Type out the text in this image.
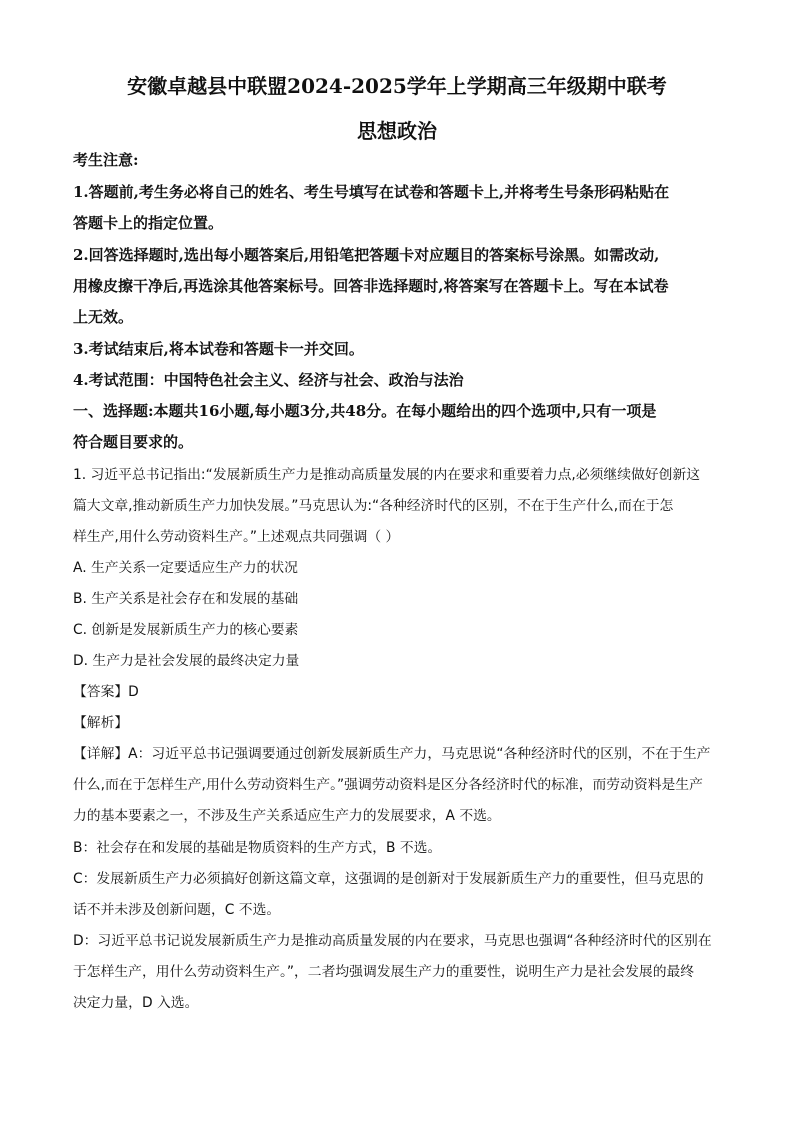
安徽卓越县中联盟2024-2025学年上学期高三年级期中联考
思想政治
考生注意:
1.答题前,考生务必将自己的姓名、考生号填写在试卷和答题卡上,并将考生号条形码粘贴在
答题卡上的指定位置。
2.回答选择题时,选出每小题答案后,用铅笔把答题卡对应题目的答案标号涂黑。如需改动,
用橡皮擦干净后,再选涂其他答案标号。回答非选择题时,将答案写在答题卡上。写在本试卷
上无效。
3.考试结束后,将本试卷和答题卡一并交回。
4.考试范围：中国特色社会主义、经济与社会、政治与法治
一、选择题:本题共16小题,每小题3分,共48分。在每小题给出的四个选项中,只有一项是
符合题目要求的。
1. 习近平总书记指出:“发展新质生产力是推动高质量发展的内在要求和重要着力点,必须继续做好创新这
篇大文章,推动新质生产力加快发展。”马克思认为:“各种经济时代的区别，不在于生产什么,而在于怎
样生产,用什么劳动资料生产。”上述观点共同强调（ ）
A. 生产关系一定要适应生产力的状况
B. 生产关系是社会存在和发展的基础
C. 创新是发展新质生产力的核心要素
D. 生产力是社会发展的最终决定力量
【答案】D
【解析】
【详解】A：习近平总书记强调要通过创新发展新质生产力，马克思说“各种经济时代的区别，不在于生产
什么,而在于怎样生产,用什么劳动资料生产。”强调劳动资料是区分各经济时代的标准，而劳动资料是生产
力的基本要素之一，不涉及生产关系适应生产力的发展要求，A 不选。
B：社会存在和发展的基础是物质资料的生产方式，B 不选。
C：发展新质生产力必须搞好创新这篇文章，这强调的是创新对于发展新质生产力的重要性，但马克思的
话不并未涉及创新问题，C 不选。
D：习近平总书记说发展新质生产力是推动高质量发展的内在要求，马克思也强调“各种经济时代的区别在
于怎样生产，用什么劳动资料生产。”，二者均强调发展生产力的重要性，说明生产力是社会发展的最终
决定力量，D 入选。
